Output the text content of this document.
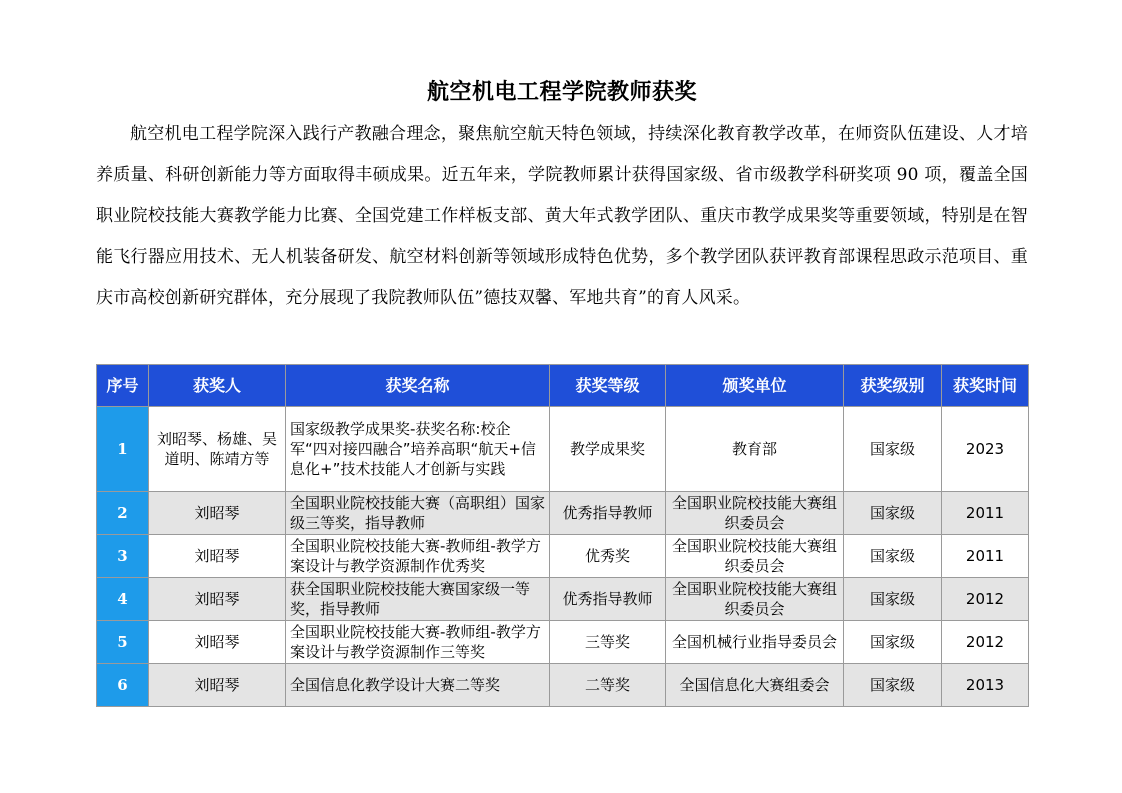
航空机电工程学院教师获奖

航空机电工程学院深入践行产教融合理念，聚焦航空航天特色领域，持续深化教育教学改革，在师资队伍建设、人才培养质量、科研创新能力等方面取得丰硕成果。近五年来，学院教师累计获得国家级、省市级教学科研奖项 90 项，覆盖全国职业院校技能大赛教学能力比赛、全国党建工作样板支部、黄大年式教学团队、重庆市教学成果奖等重要领域，特别是在智能飞行器应用技术、无人机装备研发、航空材料创新等领域形成特色优势，多个教学团队获评教育部课程思政示范项目、重庆市高校创新研究群体，充分展现了我院教师队伍”德技双馨、军地共育”的育人风采。

序号	获奖人	获奖名称	获奖等级	颁奖单位	获奖级别	获奖时间
1	刘昭琴、杨雄、吴道明、陈靖方等	国家级教学成果奖-获奖名称:校企军“四对接四融合”培养高职“航天+信息化+”技术技能人才创新与实践	教学成果奖	教育部	国家级	2023
2	刘昭琴	全国职业院校技能大赛（高职组）国家级三等奖，指导教师	优秀指导教师	全国职业院校技能大赛组织委员会	国家级	2011
3	刘昭琴	全国职业院校技能大赛-教师组-教学方案设计与教学资源制作优秀奖	优秀奖	全国职业院校技能大赛组织委员会	国家级	2011
4	刘昭琴	获全国职业院校技能大赛国家级一等奖，指导教师	优秀指导教师	全国职业院校技能大赛组织委员会	国家级	2012
5	刘昭琴	全国职业院校技能大赛-教师组-教学方案设计与教学资源制作三等奖	三等奖	全国机械行业指导委员会	国家级	2012
6	刘昭琴	全国信息化教学设计大赛二等奖	二等奖	全国信息化大赛组委会	国家级	2013
